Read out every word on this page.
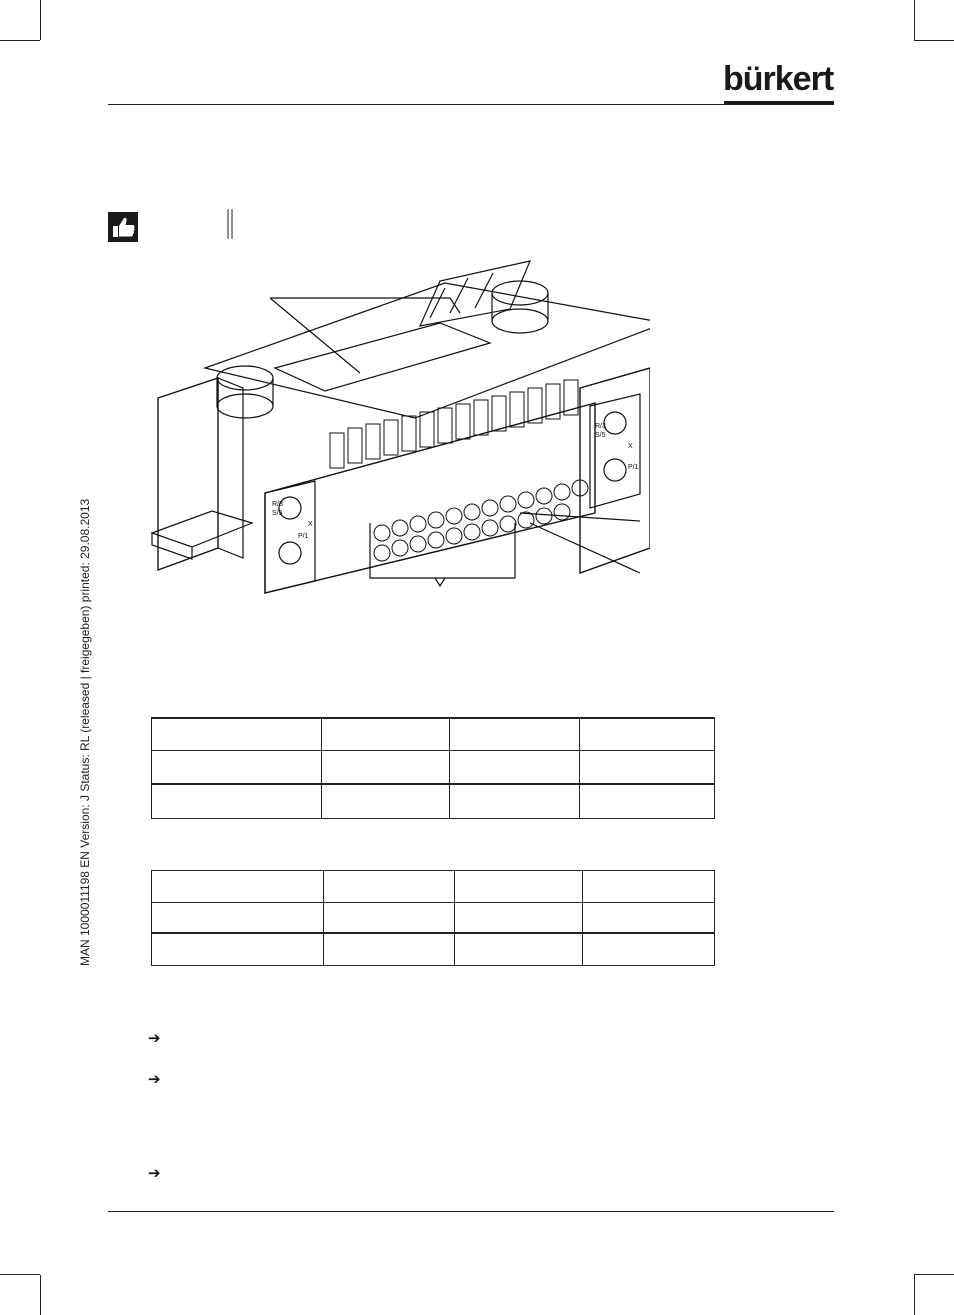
bürkert
MAN 1000011198 EN Version: J Status: RL (released | freigegeben) printed: 29.08.2013	R/3
S/5
X
P/1
R/3
S/5
X
P/1

➔
➔
➔
